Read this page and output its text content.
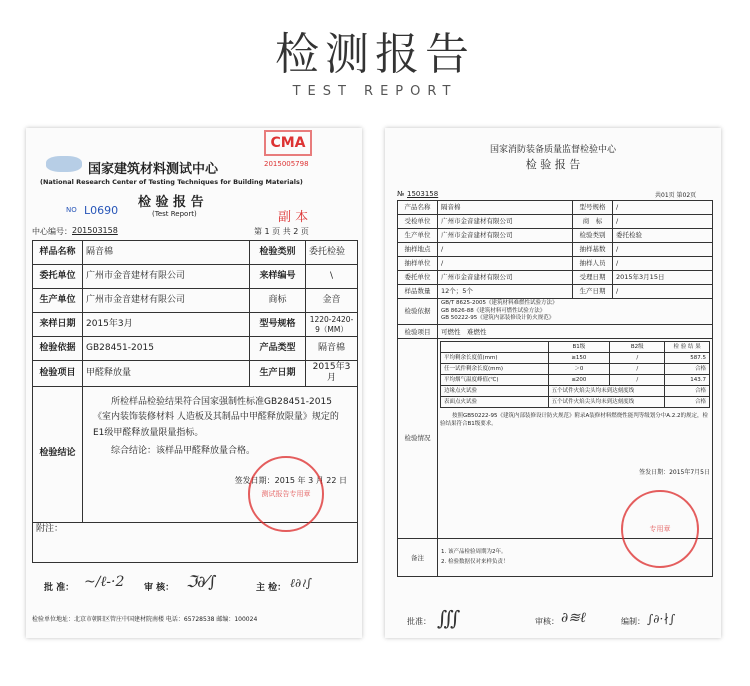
检测报告
TEST REPORT
国家建筑材料测试中心
(National Research Center of Testing Techniques for Building Materials)
检 验 报 告
(Test Report)
NO L0690
CMA
2015005798
副 本
中心编号： 201503158	第 1 页 共 2 页
样品名称	隔音棉	检验类别	委托检验
委托单位	广州市金音建材有限公司	来样编号	\
生产单位	广州市金音建材有限公司	商标	金音
来样日期	2015年3月	型号规格	1220-2420-9（MM）
检验依据	GB28451-2015	产品类型	隔音棉
检验项目	甲醛释放量	生产日期	2015年3月
检验结论	所检样品检验结果符合国家强制性标准GB28451-2015《室内装饰装修材料 人造板及其制品中甲醛释放限量》规定的E1级甲醛释放量限量指标。
综合结论：该样品甲醛释放量合格。
签发日期：2015 年 3 月 22 日		

附注：			
测试报告专用章
批 准： ~∕ℓ-·2 审 核： ℑ∂⁄∫	主 检： ℓ∂≀∫
检验单位地址：北京市朝阳区管庄中国建材院南楼 电话：65728538 邮编：100024
国家消防装备质量监督检验中心
检 验 报 告
№ 1503158	共01页 第02页
产品名称	隔音棉	型号规格	/
受检单位	广州市金音建材有限公司	商　标	/
生产单位	广州市金音建材有限公司	检验类别	委托检验
抽样地点	/	抽样基数	/
抽样单位	/	抽样人员	/
委托单位	广州市金音建材有限公司	受理日期	2015年3月15日
样品数量	12个；5个	生产日期	/
检验依据	
GB/T 8625-2005《建筑材料难燃性试验方法》
GB 8626-88《建筑材料可燃性试验方法》
GB 50222-95《建筑内部装修设计防火规范》

检验项目	可燃性　难燃性
检验情况	
	B1级	B2级	检 验 结 果
平均剩余长度值(mm)	≥150	/	587.5
任一试件剩余长度(mm)	＞0	/	合格
平均烟气温度峰值(℃)	≤200	/	143.7
边缘点火试验	五个试件火焰尖头均未到达刻度线	合格
表面点火试验	五个试件火焰尖头均未到达刻度线	合格
按照GB50222-95《建筑内部装修设计防火规范》附录A装修材料燃烧性能判等级划分中A.2.2的规定，检验结果符合B1级要求。
签发日期：2015年7月5日

备注	
1. 该产品检验周期为2年。
2. 检验数据仅对来样负责！
专用章
批准： ∭	审核： ∂≋ℓ	编制： ∫∂·∤∫
